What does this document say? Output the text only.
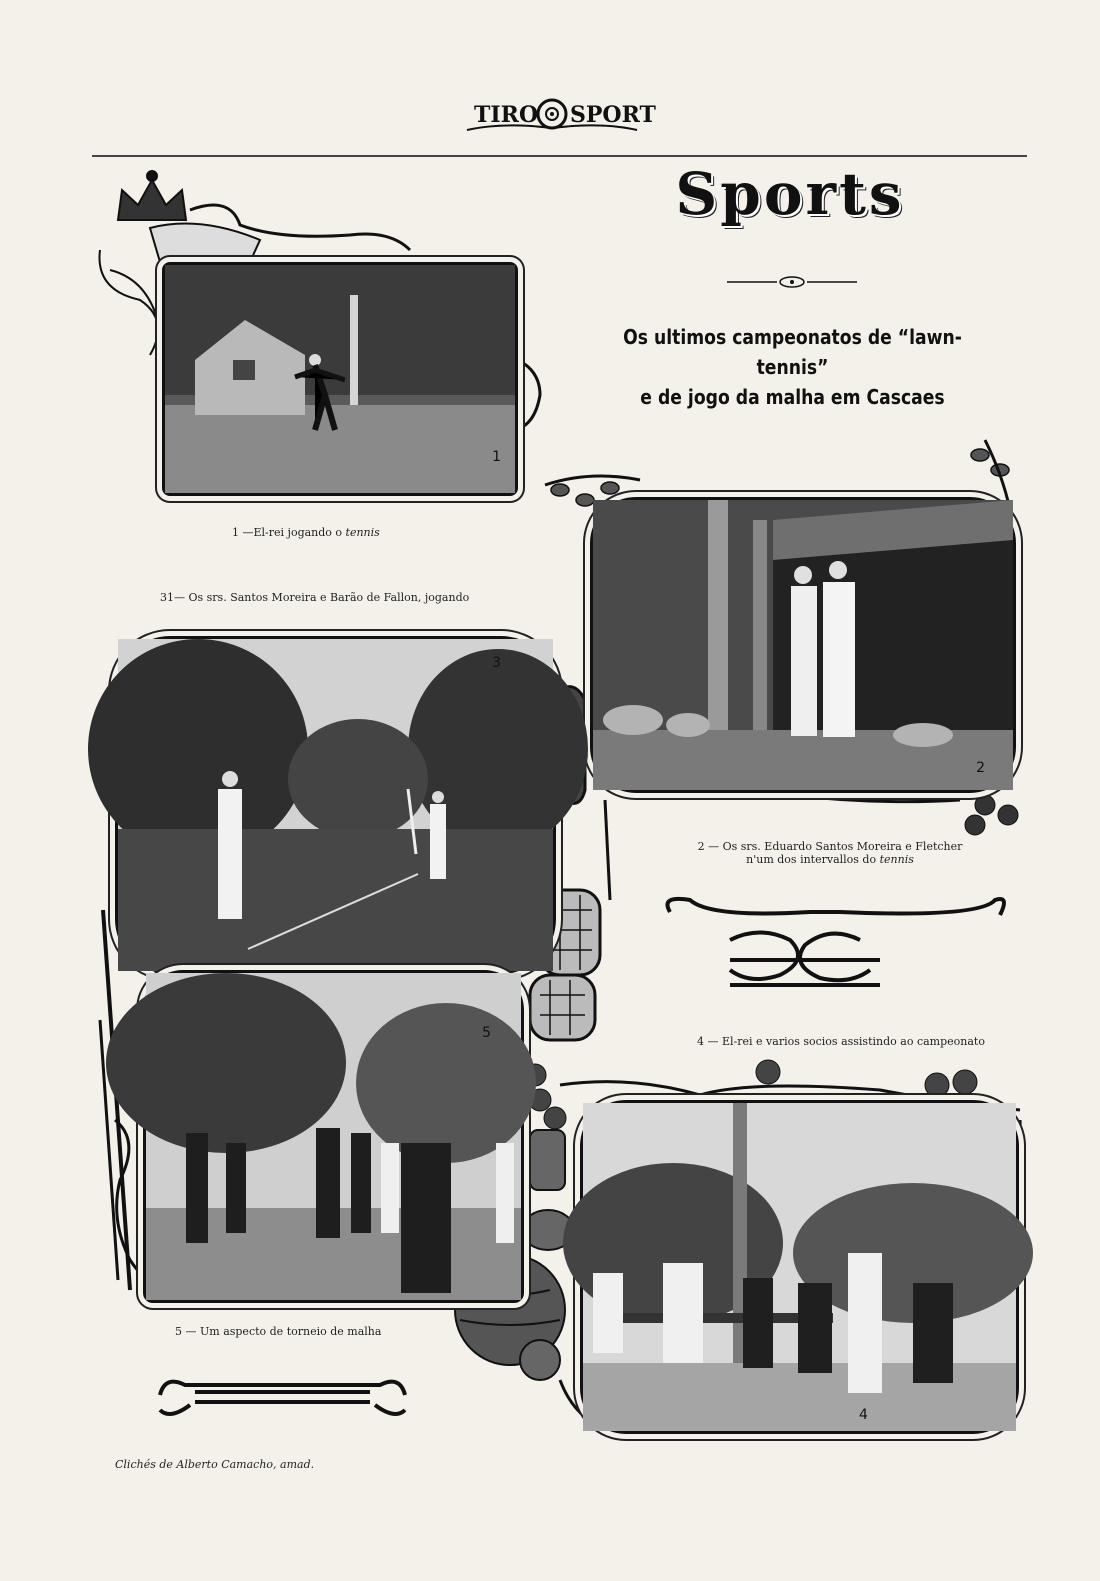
TIRO SPORT
Sports
Os ultimos campeonatos de “lawn-tennis”
e de jogo da malha em Cascaes
1
1 —El-rei jogando o tennis
31— Os srs. Santos Moreira e Barão de Fallon, jogando
2
2 — Os srs. Eduardo Santos Moreira e Fletcher
n'um dos intervallos do tennis
3
5
5 — Um aspecto de torneio de malha
4 — El-rei e varios socios assistindo ao campeonato
4
Clichés de Alberto Camacho, amad.
